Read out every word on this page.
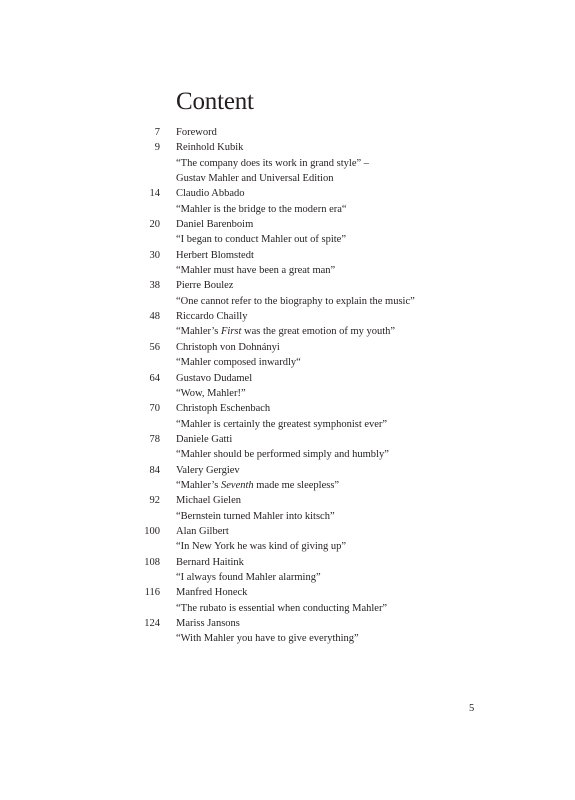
Content
7 Foreword
9 Reinhold Kubik
“The company does its work in grand style” –
Gustav Mahler and Universal Edition
14 Claudio Abbado
“Mahler is the bridge to the modern era“
20 Daniel Barenboim
“I began to conduct Mahler out of spite”
30 Herbert Blomstedt
“Mahler must have been a great man”
38 Pierre Boulez
“One cannot refer to the biography to explain the music”
48 Riccardo Chailly
“Mahler’s First was the great emotion of my youth”
56 Christoph von Dohnányi
“Mahler composed inwardly“
64 Gustavo Dudamel
“Wow, Mahler!”
70 Christoph Eschenbach
“Mahler is certainly the greatest symphonist ever”
78 Daniele Gatti
“Mahler should be performed simply and humbly”
84 Valery Gergiev
“Mahler’s Seventh made me sleepless”
92 Michael Gielen
“Bernstein turned Mahler into kitsch”
100 Alan Gilbert
“In New York he was kind of giving up”
108 Bernard Haitink
“I always found Mahler alarming”
116 Manfred Honeck
“The rubato is essential when conducting Mahler”
124 Mariss Jansons
“With Mahler you have to give everything”
5
